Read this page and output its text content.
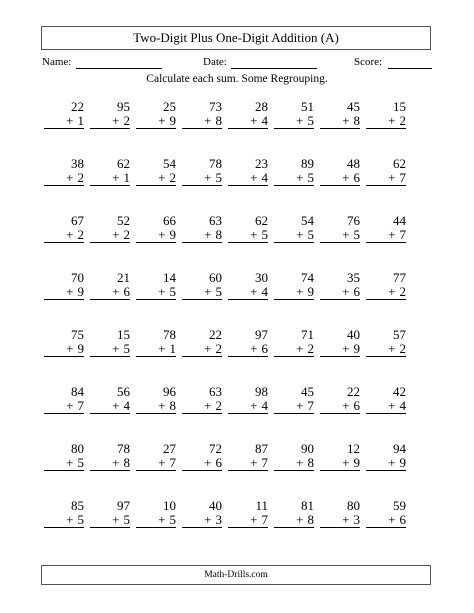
Two-Digit Plus One-Digit Addition (A)
Name:	Date:	Score:
Calculate each sum. Some Regrouping.
22
+ 1
95
+ 2
25
+ 9
73
+ 8
28
+ 4
51
+ 5
45
+ 8
15
+ 2
38
+ 2
62
+ 1
54
+ 2
78
+ 5
23
+ 4
89
+ 5
48
+ 6
62
+ 7
67
+ 2
52
+ 2
66
+ 9
63
+ 8
62
+ 5
54
+ 5
76
+ 5
44
+ 7
70
+ 9
21
+ 6
14
+ 5
60
+ 5
30
+ 4
74
+ 9
35
+ 6
77
+ 2
75
+ 9
15
+ 5
78
+ 1
22
+ 2
97
+ 6
71
+ 2
40
+ 9
57
+ 2
84
+ 7
56
+ 4
96
+ 8
63
+ 2
98
+ 4
45
+ 7
22
+ 6
42
+ 4
80
+ 5
78
+ 8
27
+ 7
72
+ 6
87
+ 7
90
+ 8
12
+ 9
94
+ 9
85
+ 5
97
+ 5
10
+ 5
40
+ 3
11
+ 7
81
+ 8
80
+ 3
59
+ 6
Math-Drills.com
